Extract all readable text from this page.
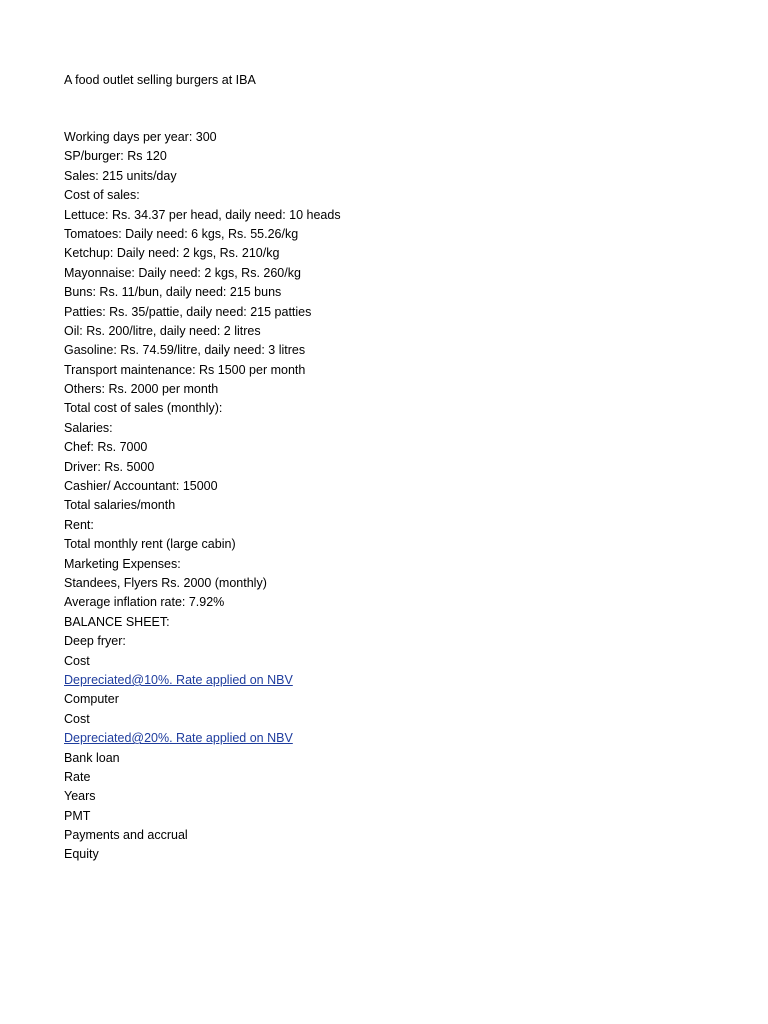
A food outlet selling burgers at IBA
Working days per year: 300
SP/burger: Rs 120
Sales: 215 units/day
Cost of sales:
Lettuce: Rs. 34.37 per head, daily need: 10 heads
Tomatoes: Daily need: 6 kgs, Rs. 55.26/kg
Ketchup: Daily need: 2 kgs, Rs. 210/kg
Mayonnaise: Daily need: 2 kgs, Rs. 260/kg
Buns: Rs. 11/bun, daily need: 215 buns
Patties: Rs. 35/pattie, daily need: 215 patties
Oil: Rs. 200/litre, daily need: 2 litres
Gasoline: Rs. 74.59/litre, daily need: 3 litres
Transport maintenance: Rs 1500 per month
Others: Rs. 2000 per month
Total cost of sales (monthly):
Salaries:
Chef: Rs. 7000
Driver: Rs. 5000
Cashier/ Accountant: 15000
Total salaries/month
Rent:
Total monthly rent (large cabin)
Marketing Expenses:
Standees, Flyers Rs. 2000 (monthly)
Average inflation rate: 7.92%
BALANCE SHEET:
Deep fryer:
Cost
Depreciated@10%. Rate applied on NBV
Computer
Cost
Depreciated@20%. Rate applied on NBV
Bank loan
Rate
Years
PMT
Payments and accrual
Equity
